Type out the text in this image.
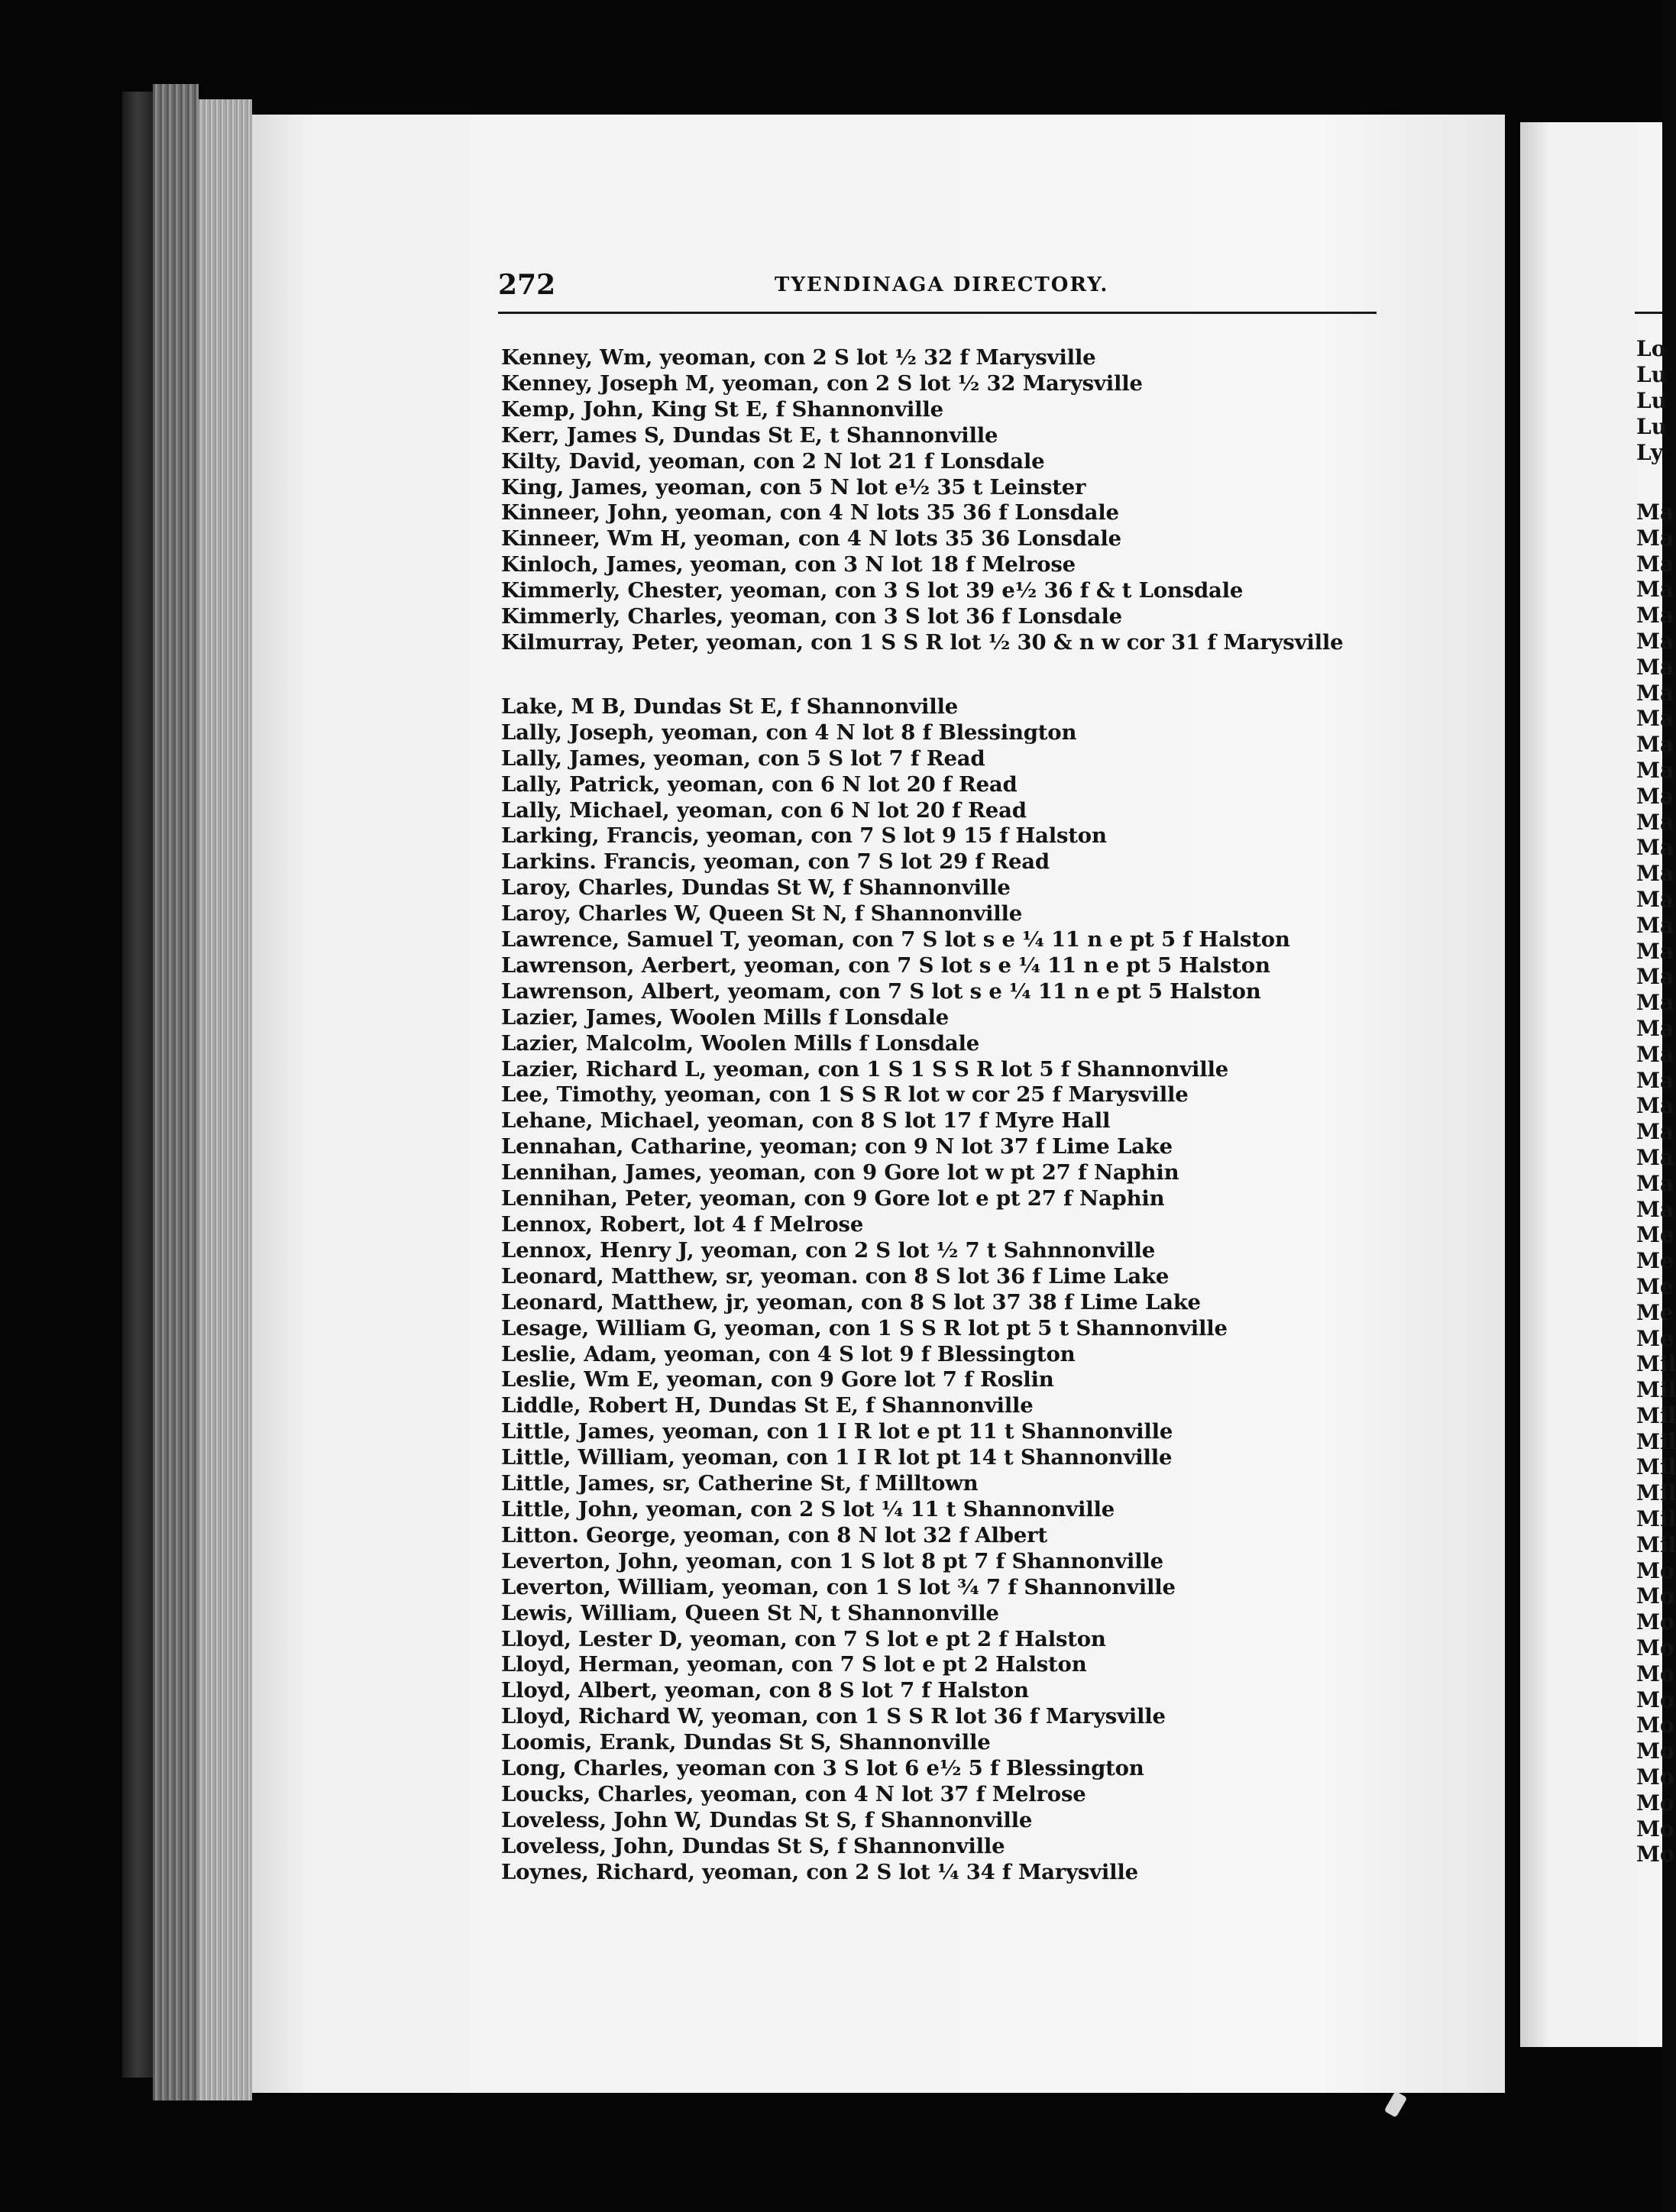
272	TYENDINAGA DIRECTORY.
Kenney, Wm, yeoman, con 2 S lot ½ 32 f Marysville
Kenney, Joseph M, yeoman, con 2 S lot ½ 32 Marysville
Kemp, John, King St E, f Shannonville
Kerr, James S, Dundas St E, t Shannonville
Kilty, David, yeoman, con 2 N lot 21 f Lonsdale
King, James, yeoman, con 5 N lot e½ 35 t Leinster
Kinneer, John, yeoman, con 4 N lots 35 36 f Lonsdale
Kinneer, Wm H, yeoman, con 4 N lots 35 36 Lonsdale
Kinloch, James, yeoman, con 3 N lot 18 f Melrose
Kimmerly, Chester, yeoman, con 3 S lot 39 e½ 36 f & t Lonsdale
Kimmerly, Charles, yeoman, con 3 S lot 36 f Lonsdale
Kilmurray, Peter, yeoman, con 1 S S R lot ½ 30 & n w cor 31 f Marysville
Lake, M B, Dundas St E, f Shannonville
Lally, Joseph, yeoman, con 4 N lot 8 f Blessington
Lally, James, yeoman, con 5 S lot 7 f Read
Lally, Patrick, yeoman, con 6 N lot 20 f Read
Lally, Michael, yeoman, con 6 N lot 20 f Read
Larking, Francis, yeoman, con 7 S lot 9 15 f Halston
Larkins. Francis, yeoman, con 7 S lot 29 f Read
Laroy, Charles, Dundas St W, f Shannonville
Laroy, Charles W, Queen St N, f Shannonville
Lawrence, Samuel T, yeoman, con 7 S lot s e ¼ 11 n e pt 5 f Halston
Lawrenson, Aerbert, yeoman, con 7 S lot s e ¼ 11 n e pt 5 Halston
Lawrenson, Albert, yeomam, con 7 S lot s e ¼ 11 n e pt 5 Halston
Lazier, James, Woolen Mills f Lonsdale
Lazier, Malcolm, Woolen Mills f Lonsdale
Lazier, Richard L, yeoman, con 1 S 1 S S R lot 5 f Shannonville
Lee, Timothy, yeoman, con 1 S S R lot w cor 25 f Marysville
Lehane, Michael, yeoman, con 8 S lot 17 f Myre Hall
Lennahan, Catharine, yeoman; con 9 N lot 37 f Lime Lake
Lennihan, James, yeoman, con 9 Gore lot w pt 27 f Naphin
Lennihan, Peter, yeoman, con 9 Gore lot e pt 27 f Naphin
Lennox, Robert, lot 4 f Melrose
Lennox, Henry J, yeoman, con 2 S lot ½ 7 t Sahnnonville
Leonard, Matthew, sr, yeoman. con 8 S lot 36 f Lime Lake
Leonard, Matthew, jr, yeoman, con 8 S lot 37 38 f Lime Lake
Lesage, William G, yeoman, con 1 S S R lot pt 5 t Shannonville
Leslie, Adam, yeoman, con 4 S lot 9 f Blessington
Leslie, Wm E, yeoman, con 9 Gore lot 7 f Roslin
Liddle, Robert H, Dundas St E, f Shannonville
Little, James, yeoman, con 1 I R lot e pt 11 t Shannonville
Little, William, yeoman, con 1 I R lot pt 14 t Shannonville
Little, James, sr, Catherine St, f Milltown
Little, John, yeoman, con 2 S lot ¼ 11 t Shannonville
Litton. George, yeoman, con 8 N lot 32 f Albert
Leverton, John, yeoman, con 1 S lot 8 pt 7 f Shannonville
Leverton, William, yeoman, con 1 S lot ¾ 7 f Shannonville
Lewis, William, Queen St N, t Shannonville
Lloyd, Lester D, yeoman, con 7 S lot e pt 2 f Halston
Lloyd, Herman, yeoman, con 7 S lot e pt 2 Halston
Lloyd, Albert, yeoman, con 8 S lot 7 f Halston
Lloyd, Richard W, yeoman, con 1 S S R lot 36 f Marysville
Loomis, Erank, Dundas St S, Shannonville
Long, Charles, yeoman con 3 S lot 6 e½ 5 f Blessington
Loucks, Charles, yeoman, con 4 N lot 37 f Melrose
Loveless, John W, Dundas St S, f Shannonville
Loveless, John, Dundas St S, f Shannonville
Loynes, Richard, yeoman, con 2 S lot ¼ 34 f Marysville
Lo
Lu
Lu
Lu
Ly
Ma
Ma
Ma
Ma
Ma
Ma
Ma
Ma
Ma
Ma
Ma
Ma
Ma
Ma
Ma
Ma
Ma
Ma
Ma
Ma
Ma
Ma
Ma
Ma
Ma
Ma
Ma
Ma
Me
Me
Me
Me
Me
Mil
Mil
Mil
Mil
Mil
Mil
Mil
Mil
Mo
Mo
Mo
Mo
Mo
Mo
Mo
Mo
Mo
Mo
Mo
Mo
